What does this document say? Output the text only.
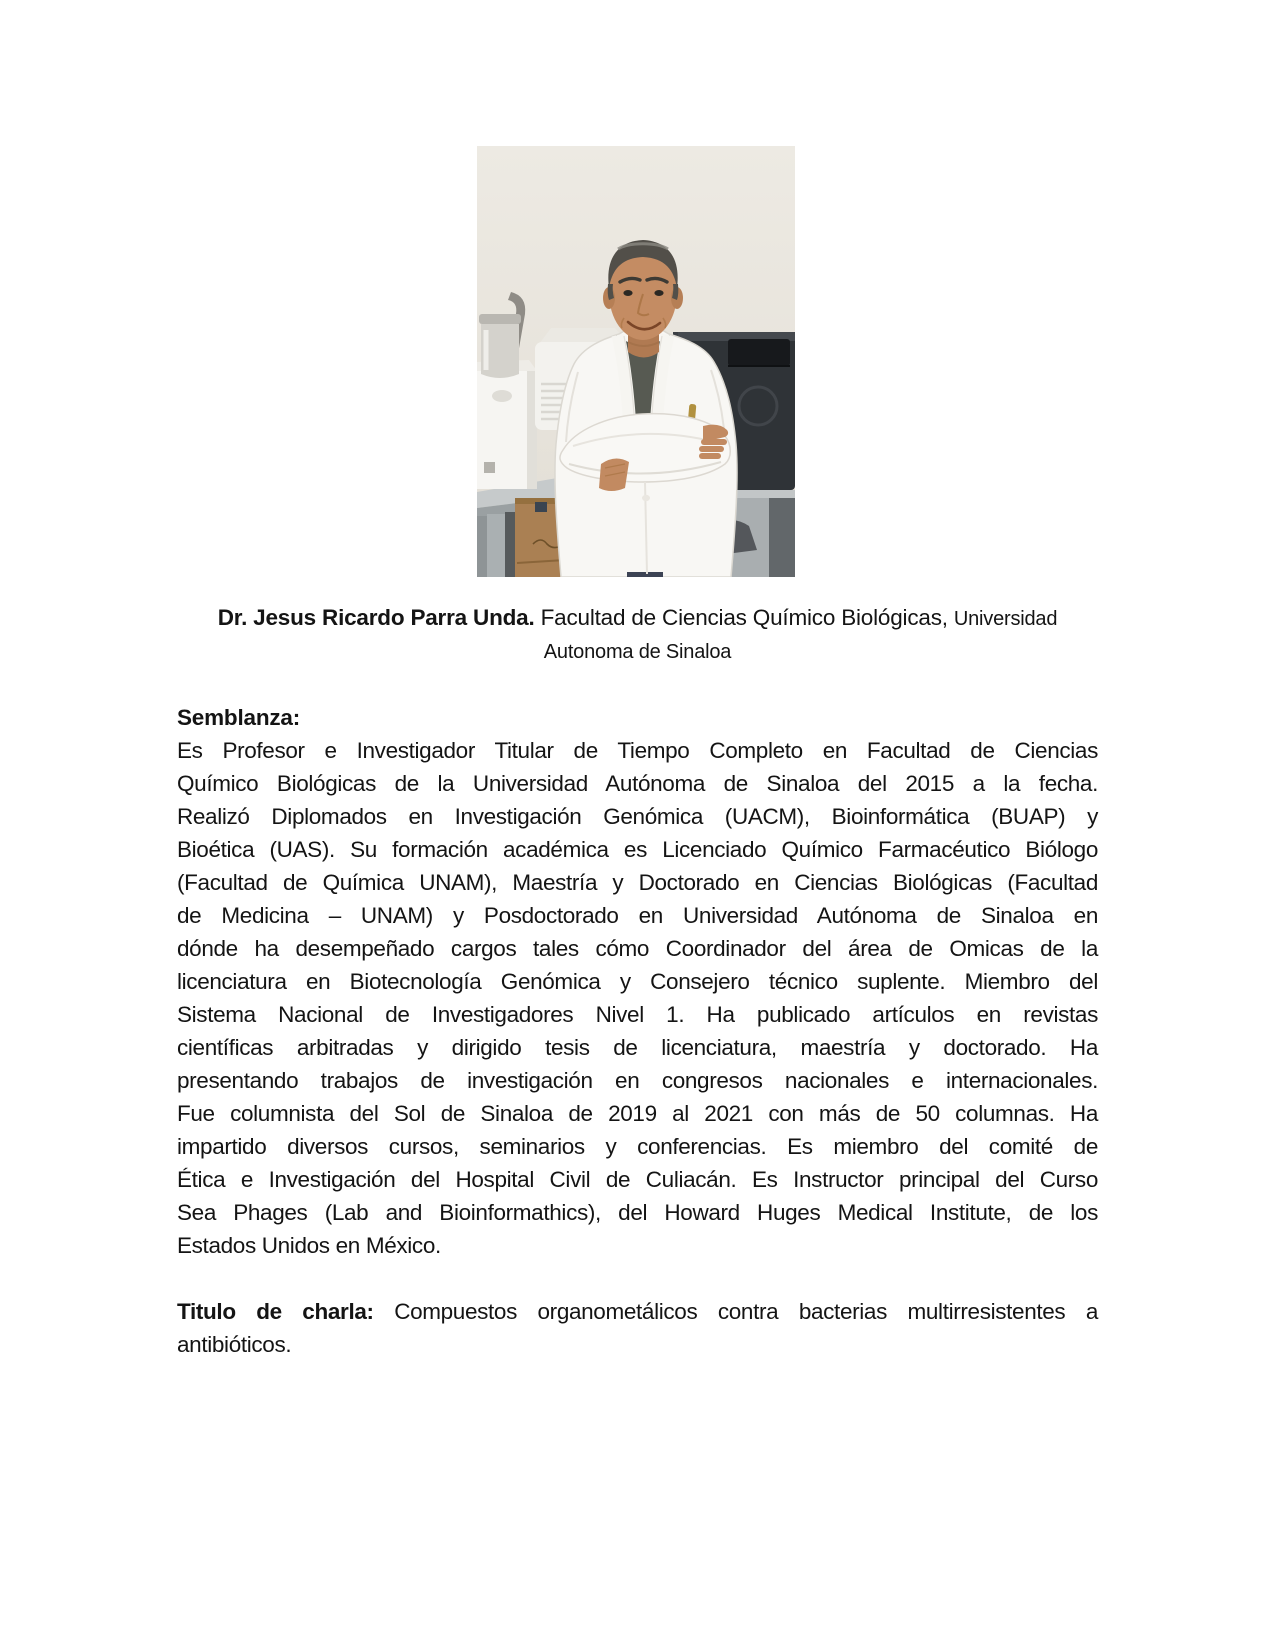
Dr. Jesus Ricardo Parra Unda. Facultad de Ciencias Químico Biológicas, Universidad
Autonoma de Sinaloa
Semblanza:
Es Profesor e Investigador Titular de Tiempo Completo en Facultad de Ciencias
Químico Biológicas de la Universidad Autónoma de Sinaloa del 2015 a la fecha.
Realizó Diplomados en Investigación Genómica (UACM), Bioinformática (BUAP) y
Bioética (UAS). Su formación académica es Licenciado Químico Farmacéutico Biólogo
(Facultad de Química UNAM), Maestría y Doctorado en Ciencias Biológicas (Facultad
de Medicina – UNAM) y Posdoctorado en Universidad Autónoma de Sinaloa en
dónde ha desempeñado cargos tales cómo Coordinador del área de Omicas de la
licenciatura en Biotecnología Genómica y Consejero técnico suplente. Miembro del
Sistema Nacional de Investigadores Nivel 1. Ha publicado artículos en revistas
científicas arbitradas y dirigido tesis de licenciatura, maestría y doctorado. Ha
presentando trabajos de investigación en congresos nacionales e internacionales.
Fue columnista del Sol de Sinaloa de 2019 al 2021 con más de 50 columnas. Ha
impartido diversos cursos, seminarios y conferencias. Es miembro del comité de
Ética e Investigación del Hospital Civil de Culiacán. Es Instructor principal del Curso
Sea Phages (Lab and Bioinformathics), del Howard Huges Medical Institute, de los
Estados Unidos en México.
Titulo de charla: Compuestos organometálicos contra bacterias multirresistentes a
antibióticos.
